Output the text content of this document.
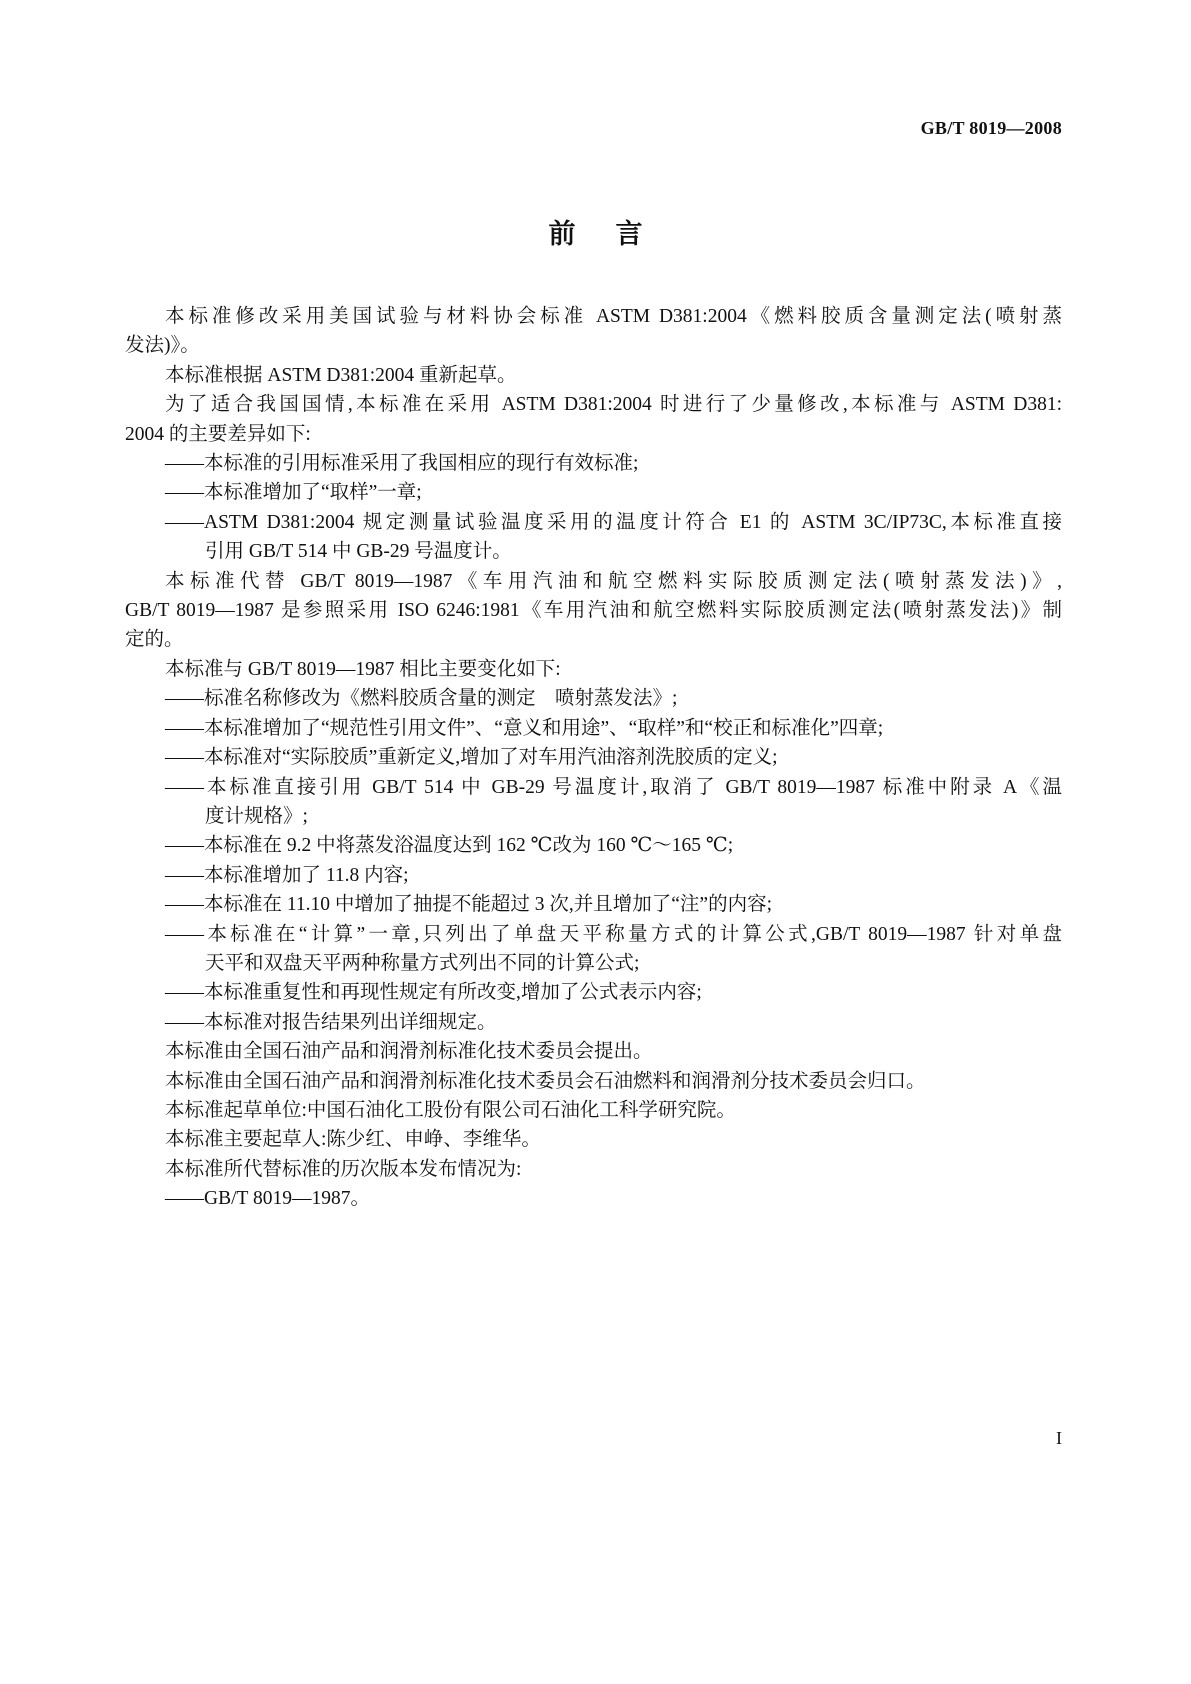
GB/T 8019—2008
前言
本标准修改采用美国试验与材料协会标准 ASTM D381:2004《燃料胶质含量测定法(喷射蒸
发法)》。
本标准根据 ASTM D381:2004 重新起草。
为了适合我国国情,本标准在采用 ASTM D381:2004 时进行了少量修改,本标准与 ASTM D381:
2004 的主要差异如下:
——本标准的引用标准采用了我国相应的现行有效标准;
——本标准增加了“取样”一章;
——ASTM D381:2004 规定测量试验温度采用的温度计符合 E1 的 ASTM 3C/IP73C,本标准直接
引用 GB/T 514 中 GB-29 号温度计。
本标准代替 GB/T 8019—1987《车用汽油和航空燃料实际胶质测定法(喷射蒸发法)》,
GB/T 8019—1987 是参照采用 ISO 6246:1981《车用汽油和航空燃料实际胶质测定法(喷射蒸发法)》制
定的。
本标准与 GB/T 8019—1987 相比主要变化如下:
——标准名称修改为《燃料胶质含量的测定　喷射蒸发法》;
——本标准增加了“规范性引用文件”、“意义和用途”、“取样”和“校正和标准化”四章;
——本标准对“实际胶质”重新定义,增加了对车用汽油溶剂洗胶质的定义;
——本标准直接引用 GB/T 514 中 GB-29 号温度计,取消了 GB/T 8019—1987 标准中附录 A《温
度计规格》;
——本标准在 9.2 中将蒸发浴温度达到 162 ℃改为 160 ℃～165 ℃;
——本标准增加了 11.8 内容;
——本标准在 11.10 中增加了抽提不能超过 3 次,并且增加了“注”的内容;
——本标准在“计算”一章,只列出了单盘天平称量方式的计算公式,GB/T 8019—1987 针对单盘
天平和双盘天平两种称量方式列出不同的计算公式;
——本标准重复性和再现性规定有所改变,增加了公式表示内容;
——本标准对报告结果列出详细规定。
本标准由全国石油产品和润滑剂标准化技术委员会提出。
本标准由全国石油产品和润滑剂标准化技术委员会石油燃料和润滑剂分技术委员会归口。
本标准起草单位:中国石油化工股份有限公司石油化工科学研究院。
本标准主要起草人:陈少红、申峥、李维华。
本标准所代替标准的历次版本发布情况为:
——GB/T 8019—1987。
I
